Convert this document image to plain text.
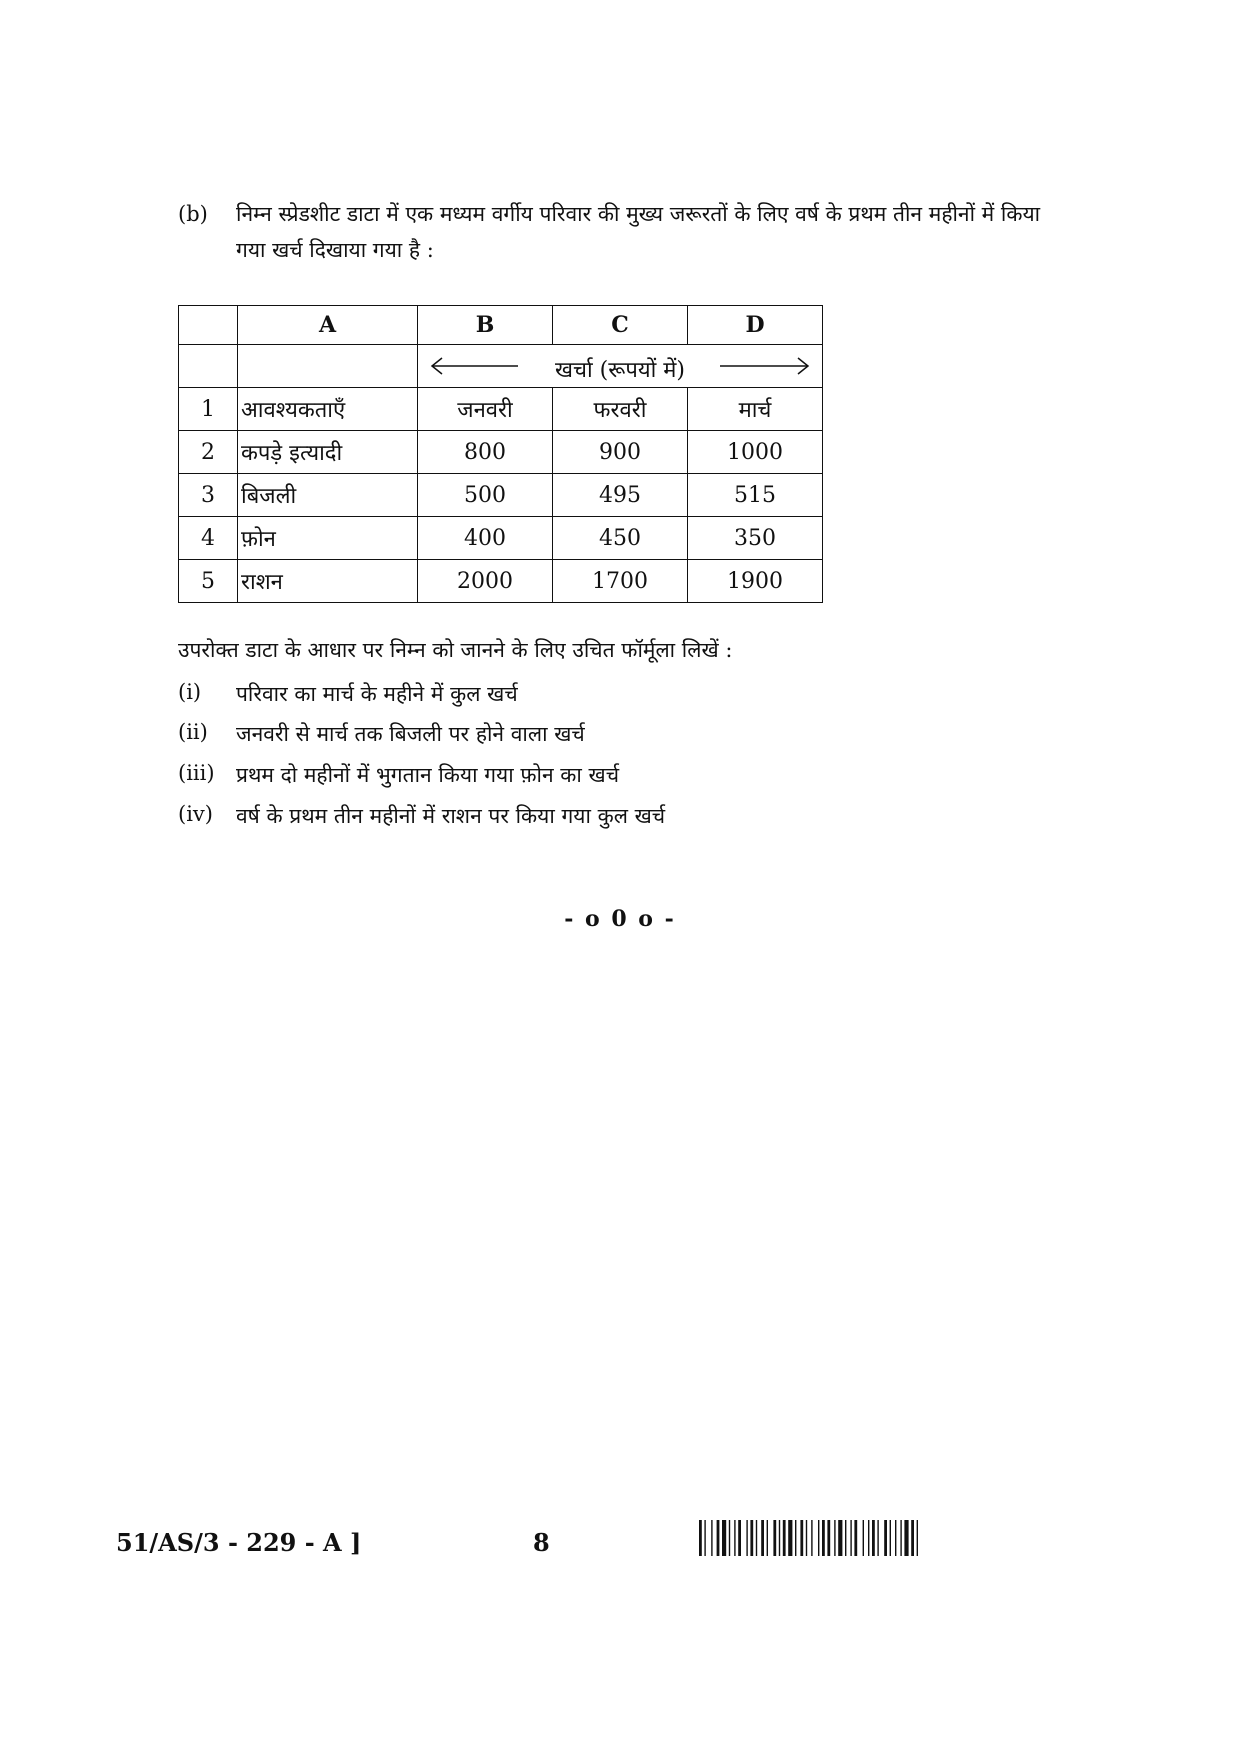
(b)	निम्न स्प्रेडशीट डाटा में एक मध्यम वर्गीय परिवार की मुख्य जरूरतों के लिए वर्ष के प्रथम तीन महीनों में किया गया खर्च दिखाया गया है :
	A	B	C	D

		खर्चा (रूपयों में)		

1	आवश्यकताएँ	जनवरी	फरवरी	मार्च
2	कपड़े इत्यादी	800	900	1000
3	बिजली	500	495	515
4	फ़ोन	400	450	350
5	राशन	2000	1700	1900
उपरोक्त डाटा के आधार पर निम्न को जानने के लिए उचित फॉर्मूला लिखें :
(i) परिवार का मार्च के महीने में कुल खर्च
(ii) जनवरी से मार्च तक बिजली पर होने वाला खर्च
(iii) प्रथम दो महीनों में भुगतान किया गया फ़ोन का खर्च
(iv) वर्ष के प्रथम तीन महीनों में राशन पर किया गया कुल खर्च
- o 0 o -
51/AS/3 - 229 - A ]	8
